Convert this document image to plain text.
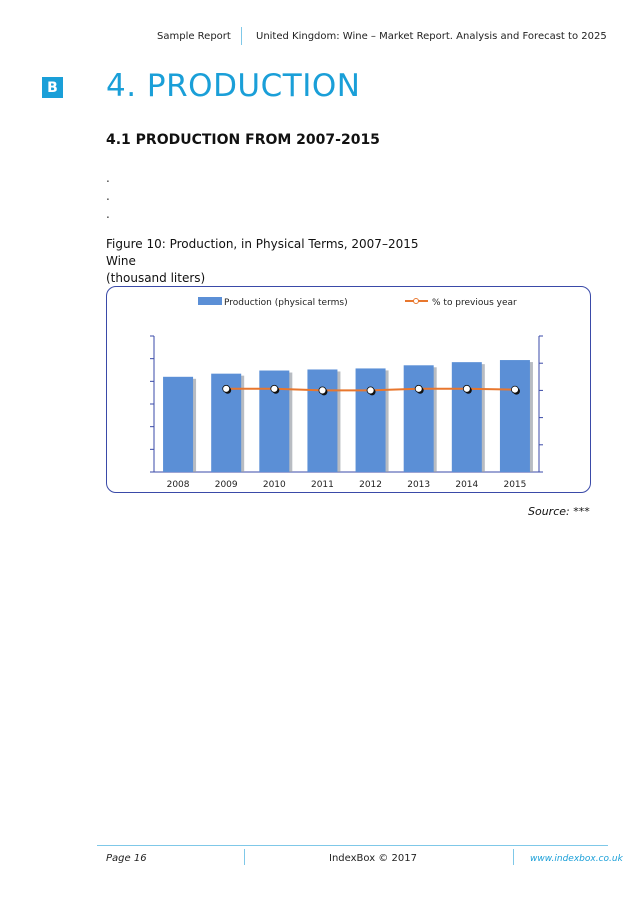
Sample Report	United Kingdom: Wine – Market Report. Analysis and Forecast to 2025
B 4. PRODUCTION
4.1 PRODUCTION FROM 2007-2015
.
.
.
Figure 10: Production, in Physical Terms, 2007–2015
Wine
(thousand liters)
2008	2009	2010	2011	2012	2013	2014	2015
Production (physical terms)	% to previous year
Source: ***
Page 16	IndexBox © 2017	www.indexbox.co.uk
